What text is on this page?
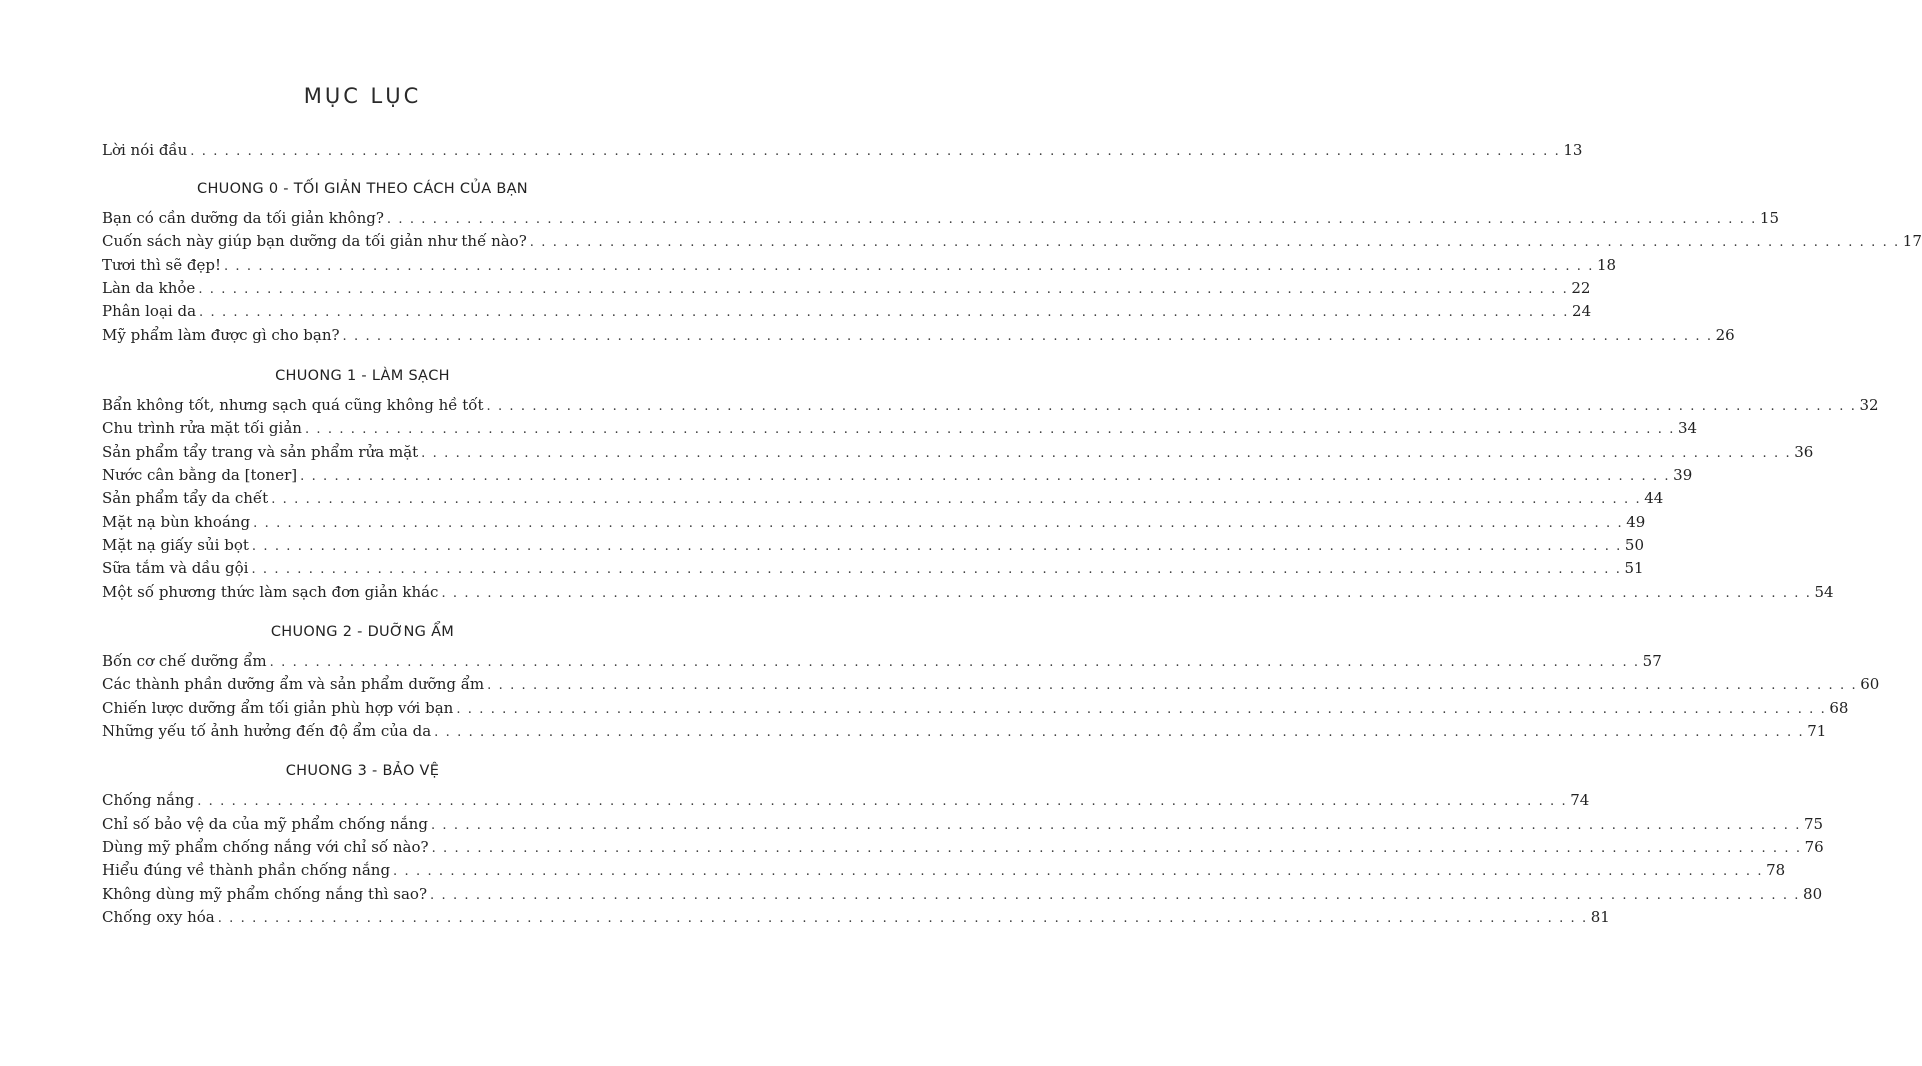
MỤC LỤC
Lời nói đầu . . . . . . . . . . . . . . . . . . . . . . . . . . . . . . . . . . . . . . . . . . . . . . . . . . . . . . . . . . . . . . . . . . . . . . . . . . . . . . . . . . . . . . . . . . . . . . . . . . . . . . . . . . . . . . . . . . . . . . . . 13
CHUONG 0 - TỐI GIẢN THEO CÁCH CỦA BẠN
Bạn có cần dưỡng da tối giản không? . . . . . . . . . . . . . . . . . . . . . . . . . . . . . . . . . . . . . . . . . . . . . . . . . . . . . . . . . . . . . . . . . . . . . . . . . . . . . . . . . . . . . . . . . . . . . . . . . . . . . . . . . . . . . . . . . . . . . . . . 15
Cuốn sách này giúp bạn dưỡng da tối giản như thế nào? . . . . . . . . . . . . . . . . . . . . . . . . . . . . . . . . . . . . . . . . . . . . . . . . . . . . . . . . . . . . . . . . . . . . . . . . . . . . . . . . . . . . . . . . . . . . . . . . . . . . . . . . . . . . . . . . . . . . . . . . 17
Tươi thì sẽ đẹp! . . . . . . . . . . . . . . . . . . . . . . . . . . . . . . . . . . . . . . . . . . . . . . . . . . . . . . . . . . . . . . . . . . . . . . . . . . . . . . . . . . . . . . . . . . . . . . . . . . . . . . . . . . . . . . . . . . . . . . . . 18
Làn da khỏe . . . . . . . . . . . . . . . . . . . . . . . . . . . . . . . . . . . . . . . . . . . . . . . . . . . . . . . . . . . . . . . . . . . . . . . . . . . . . . . . . . . . . . . . . . . . . . . . . . . . . . . . . . . . . . . . . . . . . . . . 22
Phân loại da . . . . . . . . . . . . . . . . . . . . . . . . . . . . . . . . . . . . . . . . . . . . . . . . . . . . . . . . . . . . . . . . . . . . . . . . . . . . . . . . . . . . . . . . . . . . . . . . . . . . . . . . . . . . . . . . . . . . . . . . 24
Mỹ phẩm làm được gì cho bạn? . . . . . . . . . . . . . . . . . . . . . . . . . . . . . . . . . . . . . . . . . . . . . . . . . . . . . . . . . . . . . . . . . . . . . . . . . . . . . . . . . . . . . . . . . . . . . . . . . . . . . . . . . . . . . . . . . . . . . . . . 26
CHUONG 1 - LÀM SẠCH
Bẩn không tốt, nhưng sạch quá cũng không hề tốt . . . . . . . . . . . . . . . . . . . . . . . . . . . . . . . . . . . . . . . . . . . . . . . . . . . . . . . . . . . . . . . . . . . . . . . . . . . . . . . . . . . . . . . . . . . . . . . . . . . . . . . . . . . . . . . . . . . . . . . . 32
Chu trình rửa mặt tối giản . . . . . . . . . . . . . . . . . . . . . . . . . . . . . . . . . . . . . . . . . . . . . . . . . . . . . . . . . . . . . . . . . . . . . . . . . . . . . . . . . . . . . . . . . . . . . . . . . . . . . . . . . . . . . . . . . . . . . . . . 34
Sản phẩm tẩy trang và sản phẩm rửa mặt . . . . . . . . . . . . . . . . . . . . . . . . . . . . . . . . . . . . . . . . . . . . . . . . . . . . . . . . . . . . . . . . . . . . . . . . . . . . . . . . . . . . . . . . . . . . . . . . . . . . . . . . . . . . . . . . . . . . . . . . 36
Nước cân bằng da [toner] . . . . . . . . . . . . . . . . . . . . . . . . . . . . . . . . . . . . . . . . . . . . . . . . . . . . . . . . . . . . . . . . . . . . . . . . . . . . . . . . . . . . . . . . . . . . . . . . . . . . . . . . . . . . . . . . . . . . . . . . 39
Sản phẩm tẩy da chết . . . . . . . . . . . . . . . . . . . . . . . . . . . . . . . . . . . . . . . . . . . . . . . . . . . . . . . . . . . . . . . . . . . . . . . . . . . . . . . . . . . . . . . . . . . . . . . . . . . . . . . . . . . . . . . . . . . . . . . . 44
Mặt nạ bùn khoáng . . . . . . . . . . . . . . . . . . . . . . . . . . . . . . . . . . . . . . . . . . . . . . . . . . . . . . . . . . . . . . . . . . . . . . . . . . . . . . . . . . . . . . . . . . . . . . . . . . . . . . . . . . . . . . . . . . . . . . . . 49
Mặt nạ giấy sủi bọt . . . . . . . . . . . . . . . . . . . . . . . . . . . . . . . . . . . . . . . . . . . . . . . . . . . . . . . . . . . . . . . . . . . . . . . . . . . . . . . . . . . . . . . . . . . . . . . . . . . . . . . . . . . . . . . . . . . . . . . . 50
Sữa tắm và dầu gội . . . . . . . . . . . . . . . . . . . . . . . . . . . . . . . . . . . . . . . . . . . . . . . . . . . . . . . . . . . . . . . . . . . . . . . . . . . . . . . . . . . . . . . . . . . . . . . . . . . . . . . . . . . . . . . . . . . . . . . . 51
Một số phương thức làm sạch đơn giản khác . . . . . . . . . . . . . . . . . . . . . . . . . . . . . . . . . . . . . . . . . . . . . . . . . . . . . . . . . . . . . . . . . . . . . . . . . . . . . . . . . . . . . . . . . . . . . . . . . . . . . . . . . . . . . . . . . . . . . . . . 54
CHUONG 2 - DUỠNG ẨM
Bốn cơ chế dưỡng ẩm . . . . . . . . . . . . . . . . . . . . . . . . . . . . . . . . . . . . . . . . . . . . . . . . . . . . . . . . . . . . . . . . . . . . . . . . . . . . . . . . . . . . . . . . . . . . . . . . . . . . . . . . . . . . . . . . . . . . . . . . 57
Các thành phần dưỡng ẩm và sản phẩm dưỡng ẩm . . . . . . . . . . . . . . . . . . . . . . . . . . . . . . . . . . . . . . . . . . . . . . . . . . . . . . . . . . . . . . . . . . . . . . . . . . . . . . . . . . . . . . . . . . . . . . . . . . . . . . . . . . . . . . . . . . . . . . . . 60
Chiến lược dưỡng ẩm tối giản phù hợp với bạn . . . . . . . . . . . . . . . . . . . . . . . . . . . . . . . . . . . . . . . . . . . . . . . . . . . . . . . . . . . . . . . . . . . . . . . . . . . . . . . . . . . . . . . . . . . . . . . . . . . . . . . . . . . . . . . . . . . . . . . . 68
Những yếu tố ảnh hưởng đến độ ẩm của da . . . . . . . . . . . . . . . . . . . . . . . . . . . . . . . . . . . . . . . . . . . . . . . . . . . . . . . . . . . . . . . . . . . . . . . . . . . . . . . . . . . . . . . . . . . . . . . . . . . . . . . . . . . . . . . . . . . . . . . . 71
CHUONG 3 - BẢO VỆ
Chống nắng . . . . . . . . . . . . . . . . . . . . . . . . . . . . . . . . . . . . . . . . . . . . . . . . . . . . . . . . . . . . . . . . . . . . . . . . . . . . . . . . . . . . . . . . . . . . . . . . . . . . . . . . . . . . . . . . . . . . . . . . 74
Chỉ số bảo vệ da của mỹ phẩm chống nắng . . . . . . . . . . . . . . . . . . . . . . . . . . . . . . . . . . . . . . . . . . . . . . . . . . . . . . . . . . . . . . . . . . . . . . . . . . . . . . . . . . . . . . . . . . . . . . . . . . . . . . . . . . . . . . . . . . . . . . . . 75
Dùng mỹ phẩm chống nắng với chỉ số nào? . . . . . . . . . . . . . . . . . . . . . . . . . . . . . . . . . . . . . . . . . . . . . . . . . . . . . . . . . . . . . . . . . . . . . . . . . . . . . . . . . . . . . . . . . . . . . . . . . . . . . . . . . . . . . . . . . . . . . . . . 76
Hiểu đúng về thành phần chống nắng . . . . . . . . . . . . . . . . . . . . . . . . . . . . . . . . . . . . . . . . . . . . . . . . . . . . . . . . . . . . . . . . . . . . . . . . . . . . . . . . . . . . . . . . . . . . . . . . . . . . . . . . . . . . . . . . . . . . . . . . 78
Không dùng mỹ phẩm chống nắng thì sao? . . . . . . . . . . . . . . . . . . . . . . . . . . . . . . . . . . . . . . . . . . . . . . . . . . . . . . . . . . . . . . . . . . . . . . . . . . . . . . . . . . . . . . . . . . . . . . . . . . . . . . . . . . . . . . . . . . . . . . . . 80
Chống oxy hóa . . . . . . . . . . . . . . . . . . . . . . . . . . . . . . . . . . . . . . . . . . . . . . . . . . . . . . . . . . . . . . . . . . . . . . . . . . . . . . . . . . . . . . . . . . . . . . . . . . . . . . . . . . . . . . . . . . . . . . . . 81
